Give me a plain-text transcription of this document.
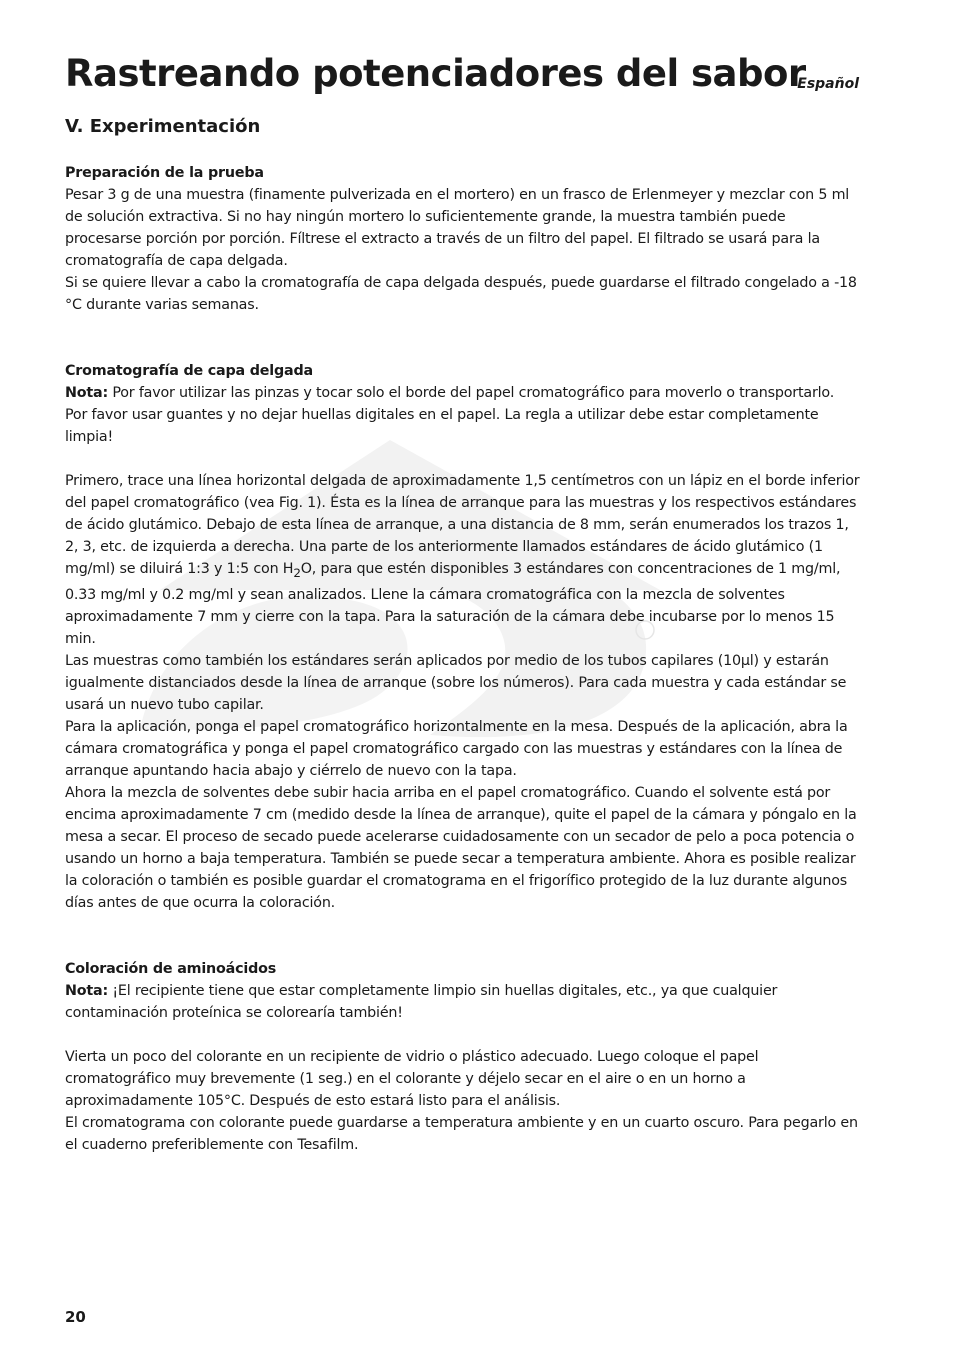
Rastreando potenciadores del sabor
Español
V. Experimentación

Preparación de la prueba

Pesar 3 g de una muestra (finamente pulverizada en el mortero) en un frasco de Erlenmeyer y mezclar con 5 ml de solución extractiva. Si no hay ningún mortero lo suficientemente grande, la muestra también puede procesarse porción por porción. Fíltrese el extracto a través de un filtro del papel. El filtrado se usará para la cromatografía de capa delgada.

Si se quiere llevar a cabo la cromatografía de capa delgada después, puede guardarse el filtrado congelado a -18 °C durante varias semanas.

Cromatografía de capa delgada

Nota: Por favor utilizar las pinzas y tocar solo el borde del papel cromatográfico para moverlo o transportarlo. Por favor usar guantes y no dejar huellas digitales en el papel. La regla a utilizar debe estar completamente limpia!

Primero, trace una línea horizontal delgada de aproximadamente 1,5 centímetros con un lápiz en el borde inferior del papel cromatográfico (vea Fig. 1). Ésta es la línea de arranque para las muestras y los respectivos estándares de ácido glutámico. Debajo de esta línea de arranque, a una distancia de 8 mm, serán enumerados los trazos 1, 2, 3, etc. de izquierda a derecha. Una parte de los anteriormente llamados estándares de ácido glutámico (1 mg/ml) se diluirá 1:3 y 1:5 con $H_2O$, para que estén disponibles 3 estándares con concentraciones de 1 mg/ml, 0.33 mg/ml y 0.2 mg/ml y sean analizados. Llene la cámara cromatográfica con la mezcla de solventes aproximadamente 7 mm y cierre con la tapa. Para la saturación de la cámara debe incubarse por lo menos 15 min.

Las muestras como también los estándares serán aplicados por medio de los tubos capilares (10µl) y estarán igualmente distanciados desde la línea de arranque (sobre los números). Para cada muestra y cada estándar se usará un nuevo tubo capilar.

Para la aplicación, ponga el papel cromatográfico horizontalmente en la mesa. Después de la aplicación, abra la cámara cromatográfica y ponga el papel cromatográfico cargado con las muestras y estándares con la línea de arranque apuntando hacia abajo y ciérrelo de nuevo con la tapa.

Ahora la mezcla de solventes debe subir hacia arriba en el papel cromatográfico. Cuando el solvente está por encima aproximadamente 7 cm (medido desde la línea de arranque), quite el papel de la cámara y póngalo en la mesa a secar. El proceso de secado puede acelerarse cuidadosamente con un secador de pelo a poca potencia o usando un horno a baja temperatura. También se puede secar a temperatura ambiente. Ahora es posible realizar la coloración o también es posible guardar el cromatograma en el frigorífico protegido de la luz durante algunos días antes de que ocurra la coloración.

Coloración de aminoácidos

Nota: ¡El recipiente tiene que estar completamente limpio sin huellas digitales, etc., ya que cualquier contaminación proteínica se colorearía también!

Vierta un poco del colorante en un recipiente de vidrio o plástico adecuado. Luego coloque el papel cromatográfico muy brevemente (1 seg.) en el colorante y déjelo secar en el aire o en un horno a aproximadamente 105°C. Después de esto estará listo para el análisis.

El cromatograma con colorante puede guardarse a temperatura ambiente y en un cuarto oscuro. Para pegarlo en el cuaderno preferiblemente con Tesafilm.

20
